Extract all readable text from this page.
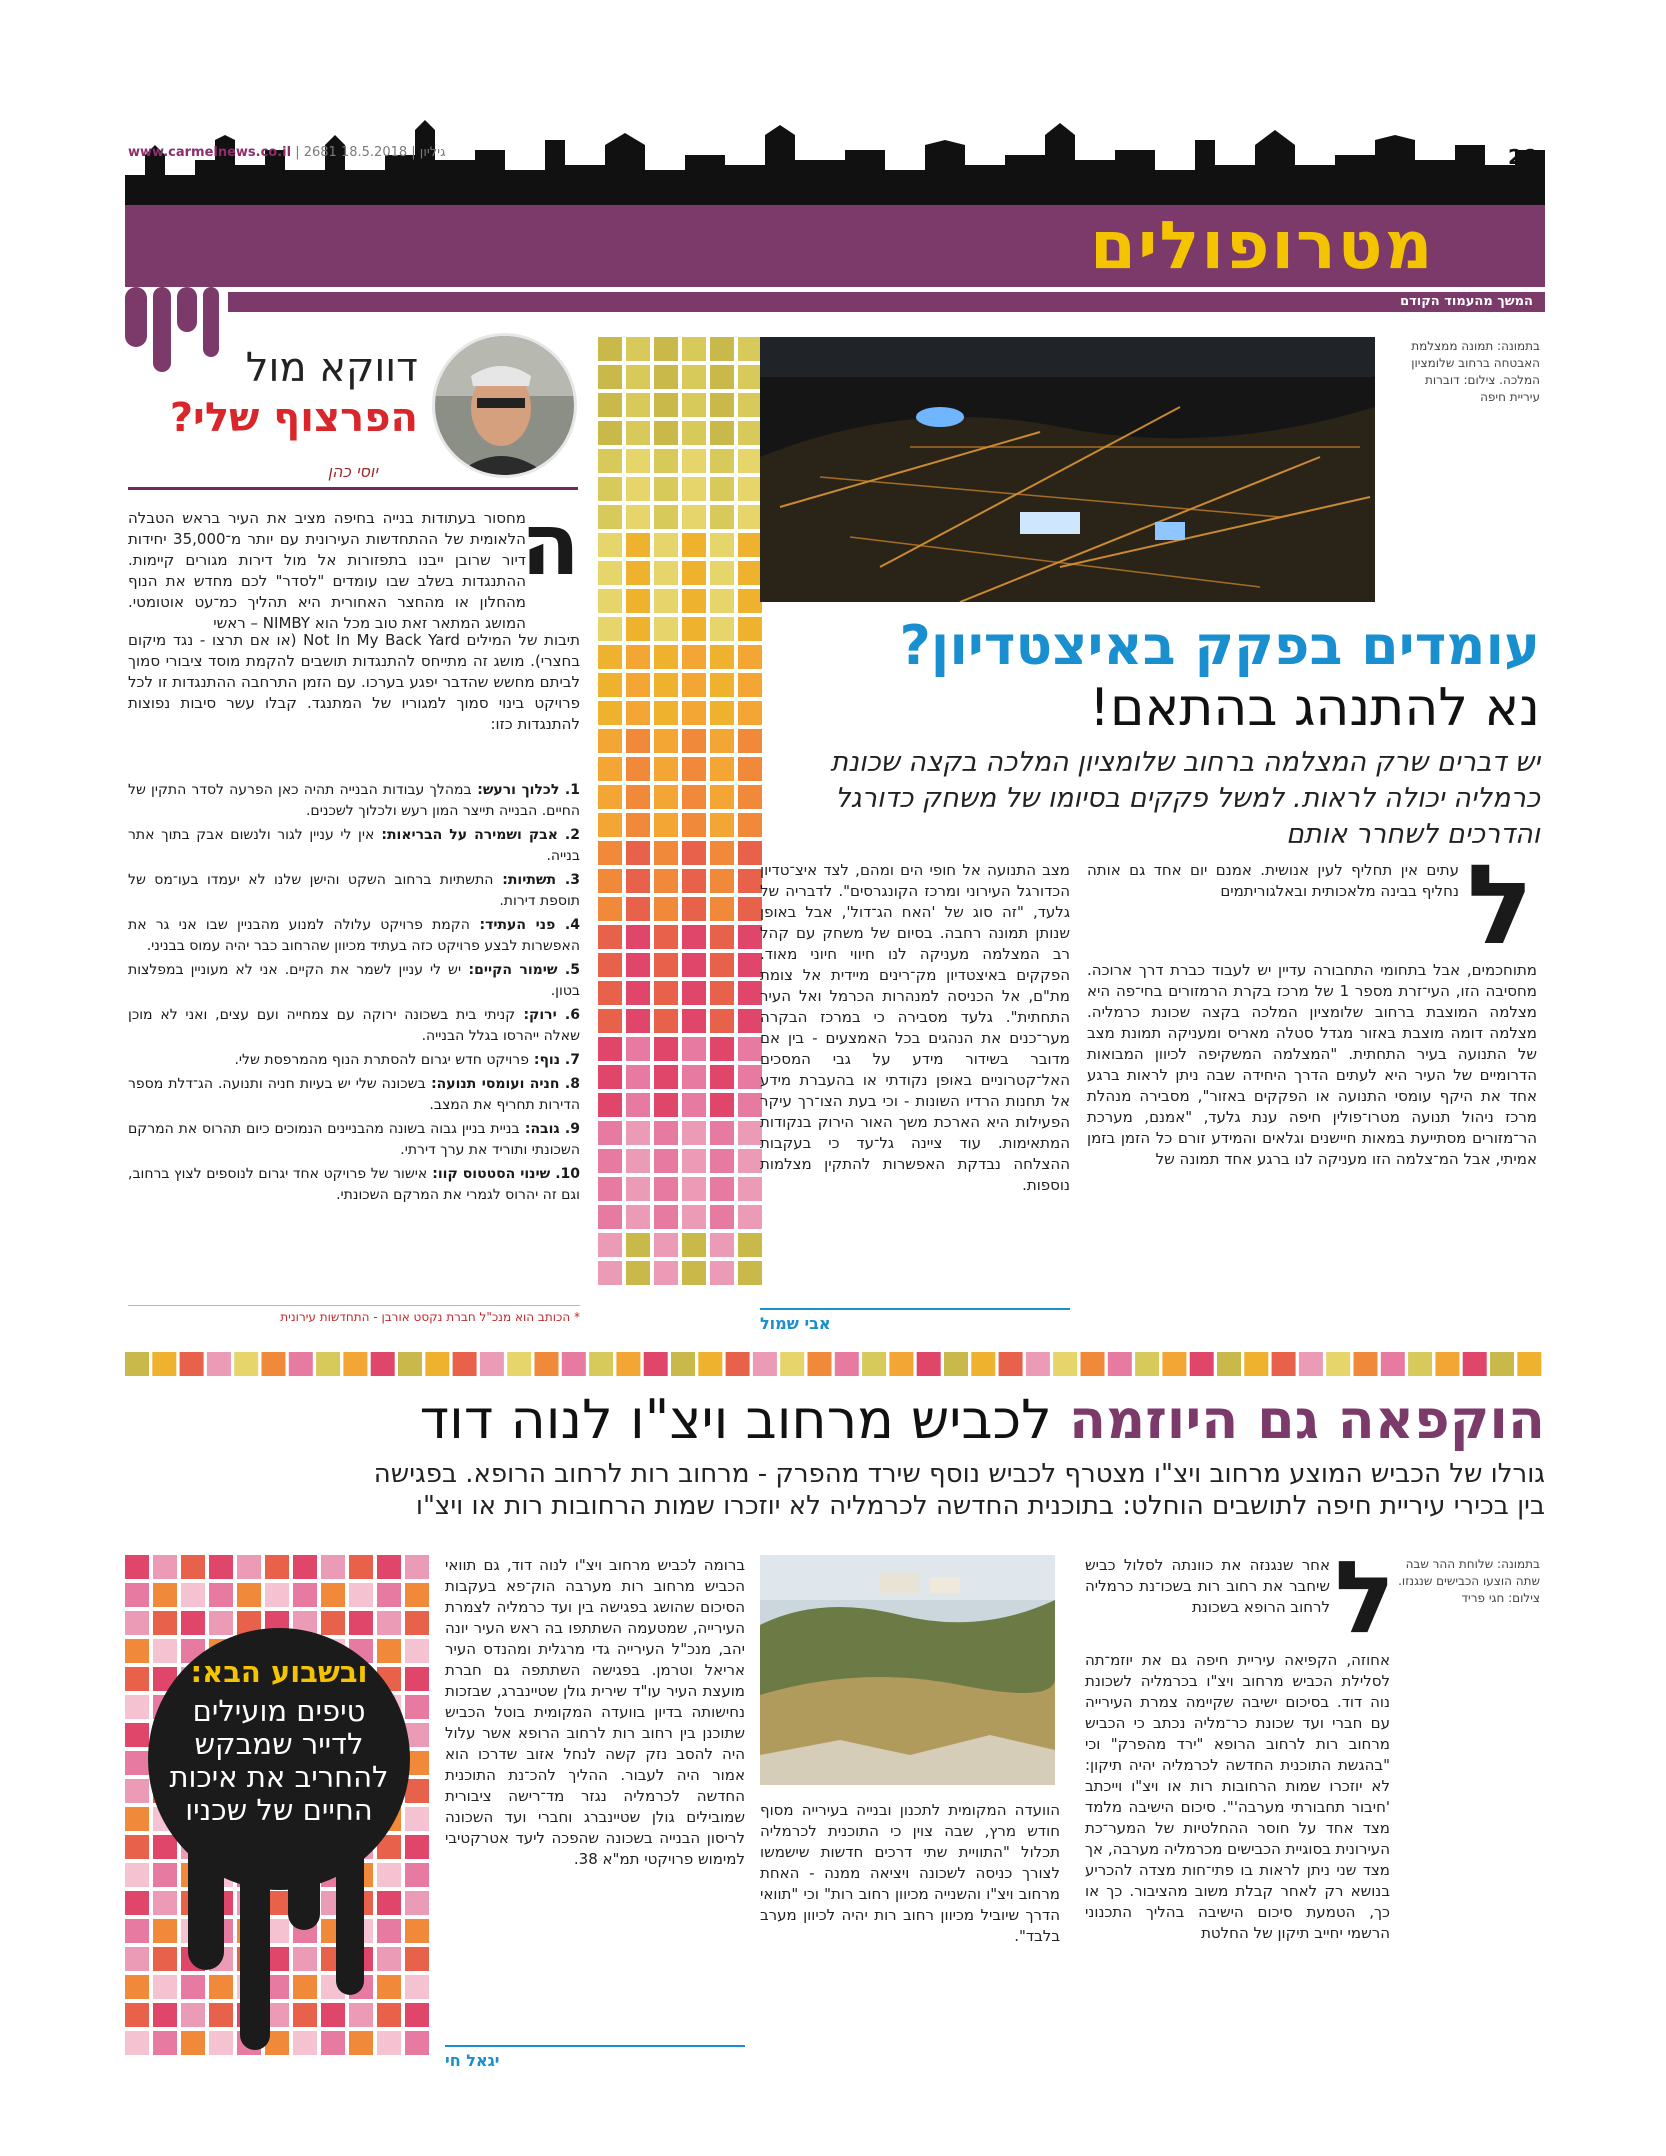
www.carmelnews.co.il | 2681 גיליון | 18.5.2018	26
מטרופולים
המשך מהעמוד הקודם
דווקא מול
הפרצוף שלי?
יוסי כהן
ה

מחסור בעתודות בנייה בחיפה מציב את העיר בראש הטבלה הלאומית של ההתחדשות העירונית עם יותר מ־35,000 יחידות דיור שרובן ייבנו בתפזורות אל מול דירות מגורים קיימות. ההתנגדות בשלב שבו עומדים "לסדר" לכם מחדש את הנוף מהחלון או מהחצר האחורית היא תהליך כמ־עט אוטומטי. המושג המתאר זאת טוב מכל הוא NIMBY – ראשי

תיבות של המילים Not In My Back Yard (או אם תרצו - נגד מיקום בחצרי). מושג זה מתייחס להתנגדות תושבים להקמת מוסד ציבורי סמוך לביתם מחשש שהדבר יפגע בערכו. עם הזמן התרחבה ההתנגדות זו לכל פרויקט בינוי סמוך למגוריו של המתנגד. קבלו עשר סיבות נפוצות להתנגדות כזו:

1. לכלוך ורעש: במהלך עבודות הבנייה תהיה כאן הפרעה לסדר התקין של החיים. הבנייה תייצר המון רעש ולכלוך לשכנים.
2. אבק ושמירה על הבריאות: אין לי עניין לגור ולנשום אבק בתוך אתר בנייה.
3. תשתיות: התשתיות ברחוב השקט והישן שלנו לא יעמדו בעו־מס של תוספת דירות.
4. פני העתיד: הקמת פרויקט עלולה למנוע מהבניין שבו אני גר את האפשרות לבצע פרויקט כזה בעתיד מכיוון שהרחוב כבר יהיה עמוס בבניני.
5. שימור הקיים: יש לי עניין לשמר את הקיים. אני לא מעוניין במפלצות בטון.
6. ירוק: קניתי בית בשכונה ירוקה עם צמחייה ועם עצים, ואני לא מוכן שאלה ייהרסו בגלל הבנייה.
7. נוף: פרויקט חדש יגרום להסתרת הנוף מהמרפסת שלי.
8. חניה ועומסי תנועה: בשכונה שלי יש בעיות חניה ותנועה. הג־דלת מספר הדירות תחריף את המצב.
9. גובה: בניית בניין גבוה בשונה מהבניינים הנמוכים כיום תהרוס את המרקם השכונתי ותוריד את ערך דירתי.
10. שינוי הסטטוס קוו: אישור של פרויקט אחד יגרום לנוספים לצוץ ברחוב, וגם זה יהרוס לגמרי את המרקם השכונתי.
* הכותב הוא מנכ"ל חברת נקסט אורבן - התחדשות עירונית
בתמונה: תמונה ממצלמת האבטחה ברחוב שלומציון המלכה. צילום: דוברות עיריית חיפה
עומדים בפקק באיצטדיון?
נא להתנהג בהתאם!
יש דברים שרק המצלמה ברחוב שלומציון המלכה בקצה שכונת כרמליה יכולה לראות. למשל פקקים בסיומו של משחק כדורגל והדרכים לשחרר אותם
ל

עתים אין תחליף לעין אנושית. אמנם יום אחד גם אותה נחליף בבינה מלאכותית ובאלגוריתמים

מתוחכמים, אבל בתחומי התחבורה עדיין יש לעבוד כברת דרך ארוכה. מחסיבה הזו, העי־זרת מספר 1 של מרכז בקרת הרמזורים בחי־פה היא מצלמה המוצבת ברחוב שלומציון המלכה בקצה שכונת כרמליה. מצלמה דומה מוצבת באזור מגדל סטלה מאריס ומעניקה תמונת מצב של התנועה בעיר התחתית. "המצלמה המשקיפה לכיוון המבואות הדרומיים של העיר היא לעתים הדרך היחידה שבה ניתן לראות ברגע אחד את היקף עומסי התנועה או הפקקים באזור", מסבירה מנהלת מרכז ניהול תנועה מטרו־פולין חיפה ענת גלעד, "אמנם, מערכת הר־מזורים מסתייעת במאות חיישנים וגלאים והמידע זורם כל הזמן בזמן אמיתי, אבל המ־צלמה הזו מעניקה לנו ברגע אחד תמונה של

מצב התנועה אל חופי הים ומהם, לצד איצ־טדיון הכדורגל העירוני ומרכז הקונגרסים". לדבריה של גלעד, "זה סוג של 'האח הג־דול', אבל באופן שנותן תמונה רחבה. בסיום של משחק עם קהל רב המצלמה מעניקה לנו חיווי חיוני מאוד. הפקקים באיצטדיון מק־רינים מיידית אל צומת מת"ם, אל הכניסה למנהרות הכרמל ואל העיר התחתית". גלעד מסבירה כי במרכז הבקרה מער־כנים את הנהגים בכל האמצעים - בין אם מדובר בשידור מידע על גבי המסכים האל־קטרוניים באופן נקודתי או בהעברת מידע אל תחנות הרדיו השונות - וכי בעת הצו־רך עיקר הפעילות היא הארכת משך האור הירוק בנקודות המתאימות. עוד ציינה גל־עד כי בעקבות ההצלחה נבדקת האפשרות להתקין מצלמות נוספות.

אבי שמול
הוקפאה גם היוזמה לכביש מרחוב ויצ"ו לנוה דוד
גורלו של הכביש המוצע מרחוב ויצ"ו מצטרף לכביש נוסף שירד מהפרק - מרחוב רות לרחוב הרופא. בפגישה
בין בכירי עיריית חיפה לתושבים הוחלט: בתוכנית החדשה לכרמליה לא יוזכרו שמות הרחובות רות או ויצ"ו
בתמונה: שלוחת ההר שבה שתה הוצעו הכבישים שנגנזו. צילום: חגי פריד
ל

אחר שנגנזה את כוונתה לסלול כביש שיחבר את רחוב רות בשכו־נת כרמליה לרחוב הרופא בשכונת

אחוזה, הקפיאה עיריית חיפה גם את יוזמ־תה לסלילת הכביש מרחוב ויצ"ו בכרמליה לשכונת נוה דוד. בסיכום ישיבה שקיימה צמרת העירייה עם חברי ועד שכונת כר־מליה נכתב כי הכביש מרחוב רות לרחוב הרופא "ירד מהפרק" וכי "בהגשת התוכנית החדשה לכרמליה יהיה תיקון: לא יוזכרו שמות הרחובות רות או ויצ"ו וייכתב 'חיבור תחבורתי מערבה'". סיכום הישיבה מלמד מצד אחד על חוסר ההחלטיות של המער־כת העירונית בסוגיית הכבישים מכרמליה מערבה, אך מצד שני ניתן לראות בו פתי־חות מצדה להכריע בנושא רק לאחר קבלת משוב מהציבור. כך או כך, הטמעת סיכום הישיבה בהליך התכנוני הרשמי יחייב תיקון של החלטת

הוועדה המקומית לתכנון ובנייה בעירייה מסוף חודש מרץ, שבה צוין כי התוכנית לכרמליה תכלול "התוויית שתי דרכים חדשות שישמשו לצורך כניסה לשכונה ויציאה ממנה - האחת מרחוב ויצ"ו והשנייה מכיוון רחוב רות" וכי "תוואי הדרך שיוביל מכיוון רחוב רות יהיה לכיוון מערב בלבד".

ברומה לכביש מרחוב ויצ"ו לנוה דוד, גם תוואי הכביש מרחוב רות מערבה הוק־פא בעקבות הסיכום שהושג בפגישה בין ועד כרמליה לצמרת העירייה, שמטעמה השתתפו בה ראש העיר יונה יהב, מנכ"ל העירייה גדי מרגלית ומהנדס העיר אריאל וטרמן. בפגישה השתתפה גם חברת מועצת העיר עו"ד שירית גולן שטיינברג, שבזכות נחישותה בדיון בוועדה המקומית בוטל הכביש שתוכנן בין רחוב רות לרחוב הרופא אשר עלול היה להסב נזק קשה לנחל אזוב שדרכו הוא אמור היה לעבור. ההליך להכ־נת התוכנית החדשה לכרמליה נגזר מד־רישה ציבורית שמובילים גולן שטיינברג וחברי ועד השכונה לריסון הבנייה בשכונה שהפכה ליעד אטרקטיבי למימוש פרויקטי תמ"א 38.

יגאל חי
ובשבוע הבא:
טיפים מועילים לדייר שמבקש להחריב את איכות החיים של שכניו
